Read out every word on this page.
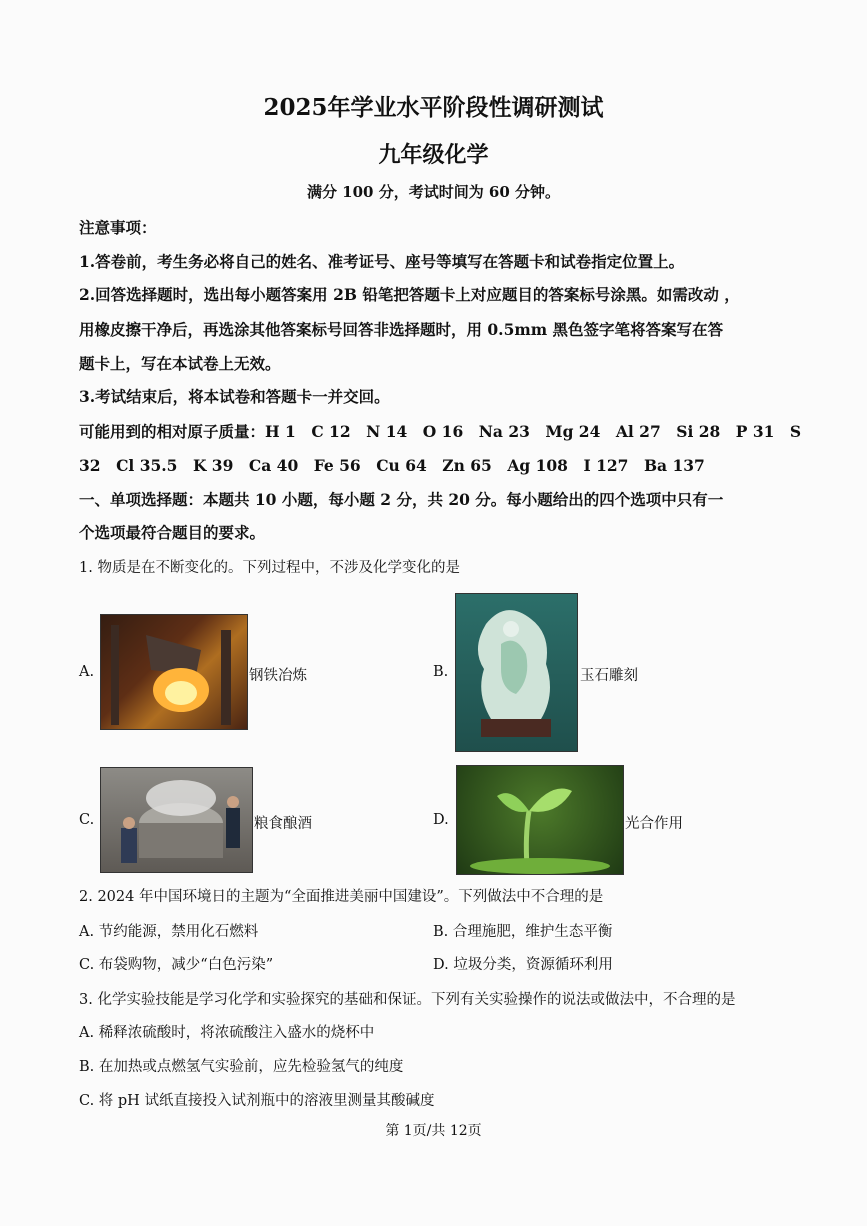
2025年学业水平阶段性调研测试
九年级化学
满分 100 分，考试时间为 60 分钟。
注意事项：
1.答卷前，考生务必将自己的姓名、准考证号、座号等填写在答题卡和试卷指定位置上。
2.回答选择题时，选出每小题答案用 2B 铅笔把答题卡上对应题目的答案标号涂黑。如需改动 ，
用橡皮擦干净后，再选涂其他答案标号回答非选择题时，用 0.5mm 黑色签字笔将答案写在答
题卡上，写在本试卷上无效。
3.考试结束后，将本试卷和答题卡一并交回。
可能用到的相对原子质量：H 1　C 12　N 14　O 16　Na 23　Mg 24　Al 27　Si 28　P 31　S
32　Cl 35.5　K 39　Ca 40　Fe 56　Cu 64　Zn 65　Ag 108　I 127　Ba 137
一、单项选择题：本题共 10 小题，每小题 2 分，共 20 分。每小题给出的四个选项中只有一
个选项最符合题目的要求。
1. 物质是在不断变化的。下列过程中，不涉及化学变化的是
A.	钢铁冶炼	B.	玉石雕刻
C.	粮食酿酒	D.	光合作用
2. 2024 年中国环境日的主题为“全面推进美丽中国建设”。下列做法中不合理的是
A. 节约能源，禁用化石燃料	B. 合理施肥，维护生态平衡
C. 布袋购物，减少“白色污染”	D. 垃圾分类，资源循环利用
3. 化学实验技能是学习化学和实验探究的基础和保证。下列有关实验操作的说法或做法中，不合理的是
A. 稀释浓硫酸时，将浓硫酸注入盛水的烧杯中
B. 在加热或点燃氢气实验前，应先检验氢气的纯度
C. 将 pH 试纸直接投入试剂瓶中的溶液里测量其酸碱度
第 1页/共 12页
